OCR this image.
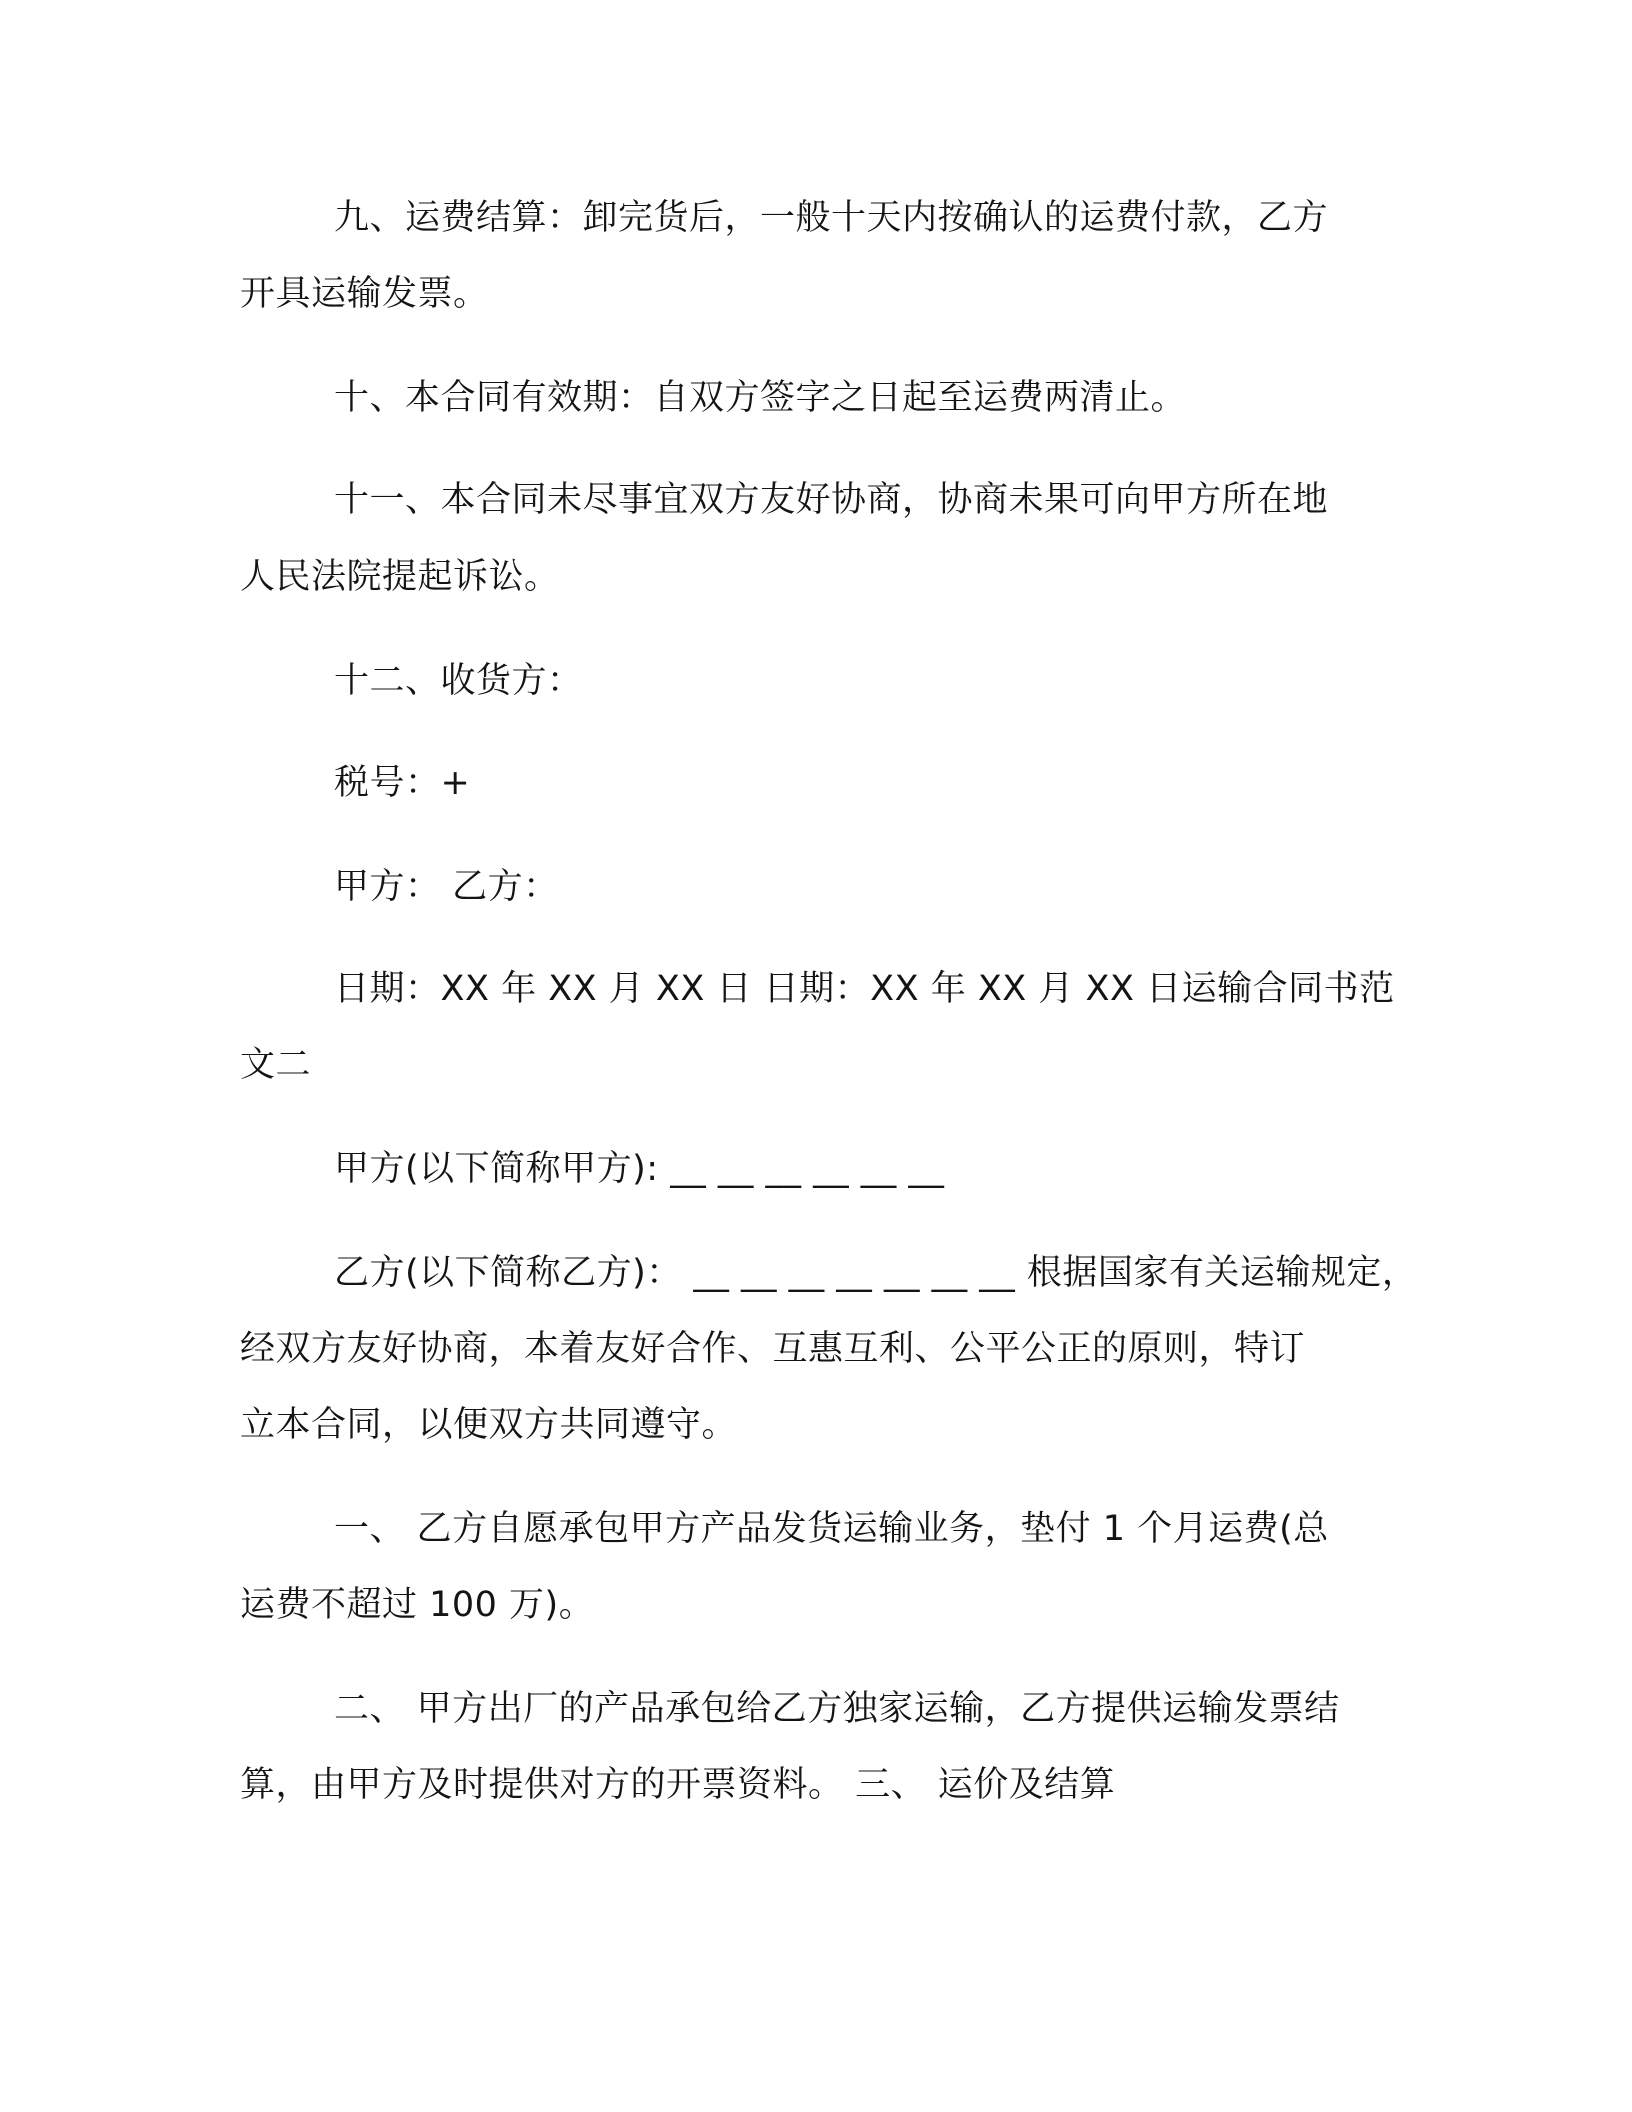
九、运费结算：卸完货后，一般十天内按确认的运费付款，乙方

开具运输发票。

十、本合同有效期：自双方签字之日起至运费两清止。

十一、本合同未尽事宜双方友好协商，协商未果可向甲方所在地

人民法院提起诉讼。

十二、收货方：

税号：+

甲方： 乙方：

日期：XX 年 XX 月 XX 日 日期：XX 年 XX 月 XX 日运输合同书范

文二

甲方(以下简称甲方): __ __ __ __ __ __

乙方(以下简称乙方)： __ __ __ __ __ __ __ 根据国家有关运输规定，

经双方友好协商，本着友好合作、互惠互利、公平公正的原则，特订

立本合同，以便双方共同遵守。

一、 乙方自愿承包甲方产品发货运输业务，垫付 1 个月运费(总

运费不超过 100 万)。

二、 甲方出厂的产品承包给乙方独家运输，乙方提供运输发票结

算，由甲方及时提供对方的开票资料。 三、 运价及结算
